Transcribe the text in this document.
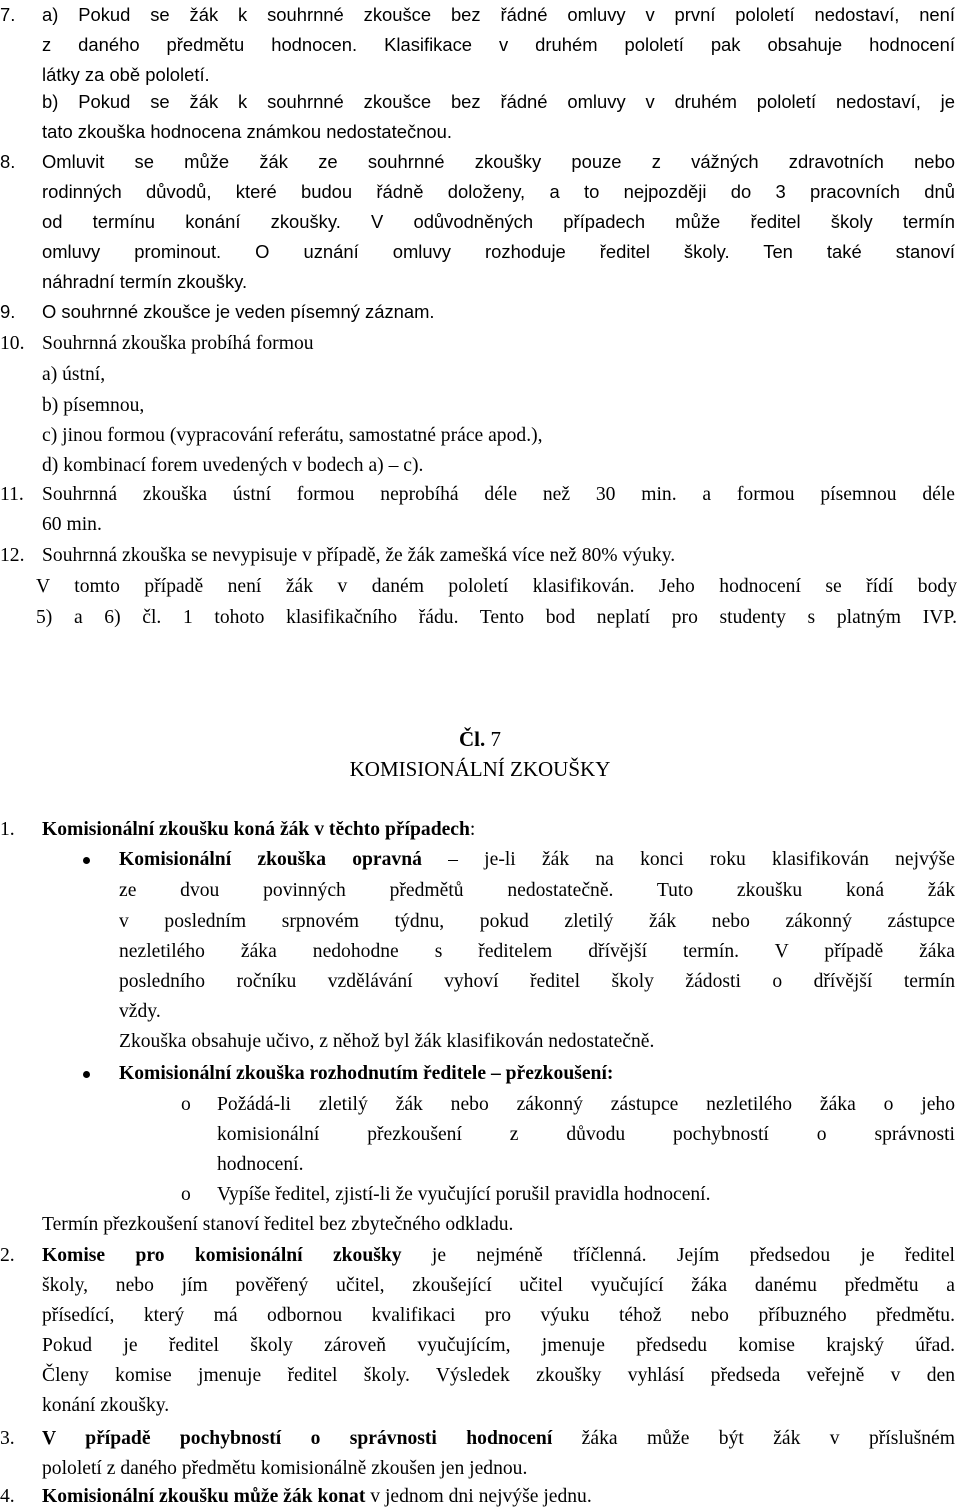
7. a) Pokud se žák k souhrnné zkoušce bez řádné omluvy v první pololetí nedostaví, není
z daného předmětu hodnocen. Klasifikace v druhém pololetí pak obsahuje hodnocení
látky za obě pololetí.
b) Pokud se žák k souhrnné zkoušce bez řádné omluvy v druhém pololetí nedostaví, je
tato zkouška hodnocena známkou nedostatečnou.
8. Omluvit se může žák ze souhrnné zkoušky pouze z vážných zdravotních nebo
rodinných důvodů, které budou řádně doloženy, a to nejpozději do 3 pracovních dnů
od termínu konání zkoušky. V odůvodněných případech může ředitel školy termín
omluvy prominout. O uznání omluvy rozhoduje ředitel školy. Ten také stanoví
náhradní termín zkoušky.
9. O souhrnné zkoušce je veden písemný záznam.
10. Souhrnná zkouška probíhá formou
a) ústní,
b) písemnou,
c) jinou formou (vypracování referátu, samostatné práce apod.),
d) kombinací forem uvedených v bodech a) – c).
11. Souhrnná zkouška ústní formou neprobíhá déle než 30 min. a formou písemnou déle
60 min.
12. Souhrnná zkouška se nevypisuje v případě, že žák zamešká více než 80% výuky.
V tomto případě není žák v daném pololetí klasifikován. Jeho hodnocení se řídí body
5) a 6) čl. 1 tohoto klasifikačního řádu. Tento bod neplatí pro studenty s platným IVP.
Čl. 7
KOMISIONÁLNÍ ZKOUŠKY
1. Komisionální zkoušku koná žák v těchto případech:
Komisionální zkouška opravná – je-li žák na konci roku klasifikován nejvýše
ze dvou povinných předmětů nedostatečně. Tuto zkoušku koná žák
v posledním srpnovém týdnu, pokud zletilý žák nebo zákonný zástupce
nezletilého žáka nedohodne s ředitelem dřívější termín. V případě žáka
posledního ročníku vzdělávání vyhoví ředitel školy žádosti o dřívější termín
vždy.
Zkouška obsahuje učivo, z něhož byl žák klasifikován nedostatečně.
Komisionální zkouška rozhodnutím ředitele – přezkoušení:
o Požádá-li zletilý žák nebo zákonný zástupce nezletilého žáka o jeho
komisionální přezkoušení z důvodu pochybností o správnosti
hodnocení.
o Vypíše ředitel, zjistí-li že vyučující porušil pravidla hodnocení.
Termín přezkoušení stanoví ředitel bez zbytečného odkladu.
2. Komise pro komisionální zkoušky je nejméně tříčlenná. Jejím předsedou je ředitel
školy, nebo jím pověřený učitel, zkoušející učitel vyučující žáka danému předmětu a
přísedící, který má odbornou kvalifikaci pro výuku téhož nebo příbuzného předmětu.
Pokud je ředitel školy zároveň vyučujícím, jmenuje předsedu komise krajský úřad.
Členy komise jmenuje ředitel školy. Výsledek zkoušky vyhlásí předseda veřejně v den
konání zkoušky.
3. V případě pochybností o správnosti hodnocení žáka může být žák v příslušném
pololetí z daného předmětu komisionálně zkoušen jen jednou.
4. Komisionální zkoušku může žák konat v jednom dni nejvýše jednu.
